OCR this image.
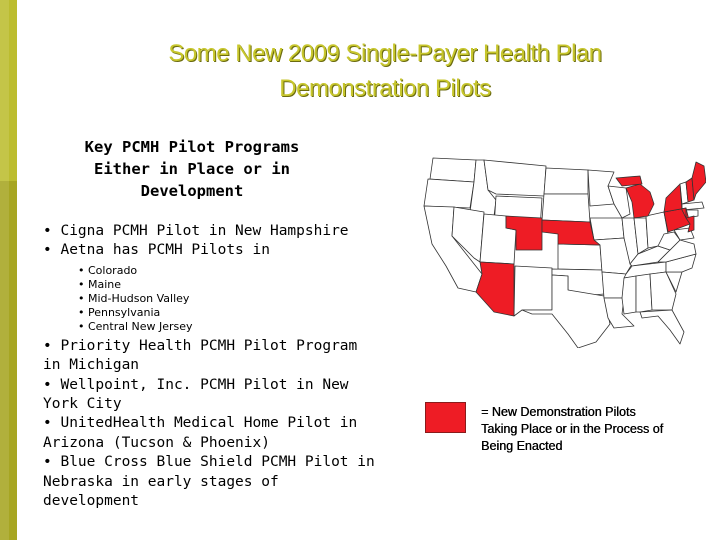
Some New 2009 Single-Payer Health Plan
Demonstration Pilots
Key PCMH Pilot Programs
Either in Place or in
Development
• Cigna PCMH Pilot in New Hampshire
• Aetna has PCMH Pilots in
• Colorado
• Maine
• Mid-Hudson Valley
• Pennsylvania
• Central New Jersey
• Priority Health PCMH Pilot Program
in Michigan
• Wellpoint, Inc. PCMH Pilot in New
York City
• UnitedHealth Medical Home Pilot in
Arizona (Tucson & Phoenix)
• Blue Cross Blue Shield PCMH Pilot in
Nebraska in early stages of
development
= New Demonstration Pilots
Taking Place or in the Process of
Being Enacted
